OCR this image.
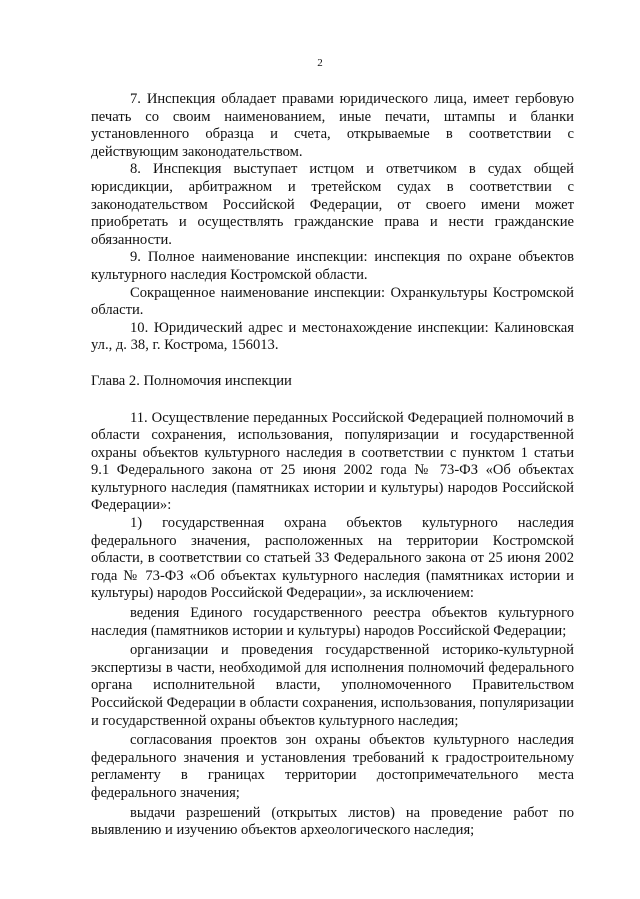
2

7. Инспекция обладает правами юридического лица, имеет гербовую печать со своим наименованием, иные печати, штампы и бланки установленного образца и счета, открываемые в соответствии с действующим законодательством.

8. Инспекция выступает истцом и ответчиком в судах общей юрисдикции, арбитражном и третейском судах в соответствии с законодательством Российской Федерации, от своего имени может приобретать и осуществлять гражданские права и нести гражданские обязанности.

9. Полное наименование инспекции: инспекция по охране объектов культурного наследия Костромской области.

Сокращенное наименование инспекции: Охранкультуры Костромской области.

10. Юридический адрес и местонахождение инспекции: Калиновская ул., д. 38, г. Кострома, 156013.

Глава 2. Полномочия инспекции

11. Осуществление переданных Российской Федерацией полномочий в области сохранения, использования, популяризации и государственной охраны объектов культурного наследия в соответствии с пунктом 1 статьи 9.1 Федерального закона от 25 июня 2002 года № 73-ФЗ «Об объектах культурного наследия (памятниках истории и культуры) народов Российской Федерации»:

1) государственная охрана объектов культурного наследия федерального значения, расположенных на территории Костромской области, в соответствии со статьей 33 Федерального закона от 25 июня 2002 года № 73-ФЗ «Об объектах культурного наследия (памятниках истории и культуры) народов Российской Федерации», за исключением:

ведения Единого государственного реестра объектов культурного наследия (памятников истории и культуры) народов Российской Федерации;

организации и проведения государственной историко-культурной экспертизы в части, необходимой для исполнения полномочий федерального органа исполнительной власти, уполномоченного Правительством Российской Федерации в области сохранения, использования, популяризации и государственной охраны объектов культурного наследия;

согласования проектов зон охраны объектов культурного наследия федерального значения и установления требований к градостроительному регламенту в границах территории достопримечательного места федерального значения;

выдачи разрешений (открытых листов) на проведение работ по выявлению и изучению объектов археологического наследия;
